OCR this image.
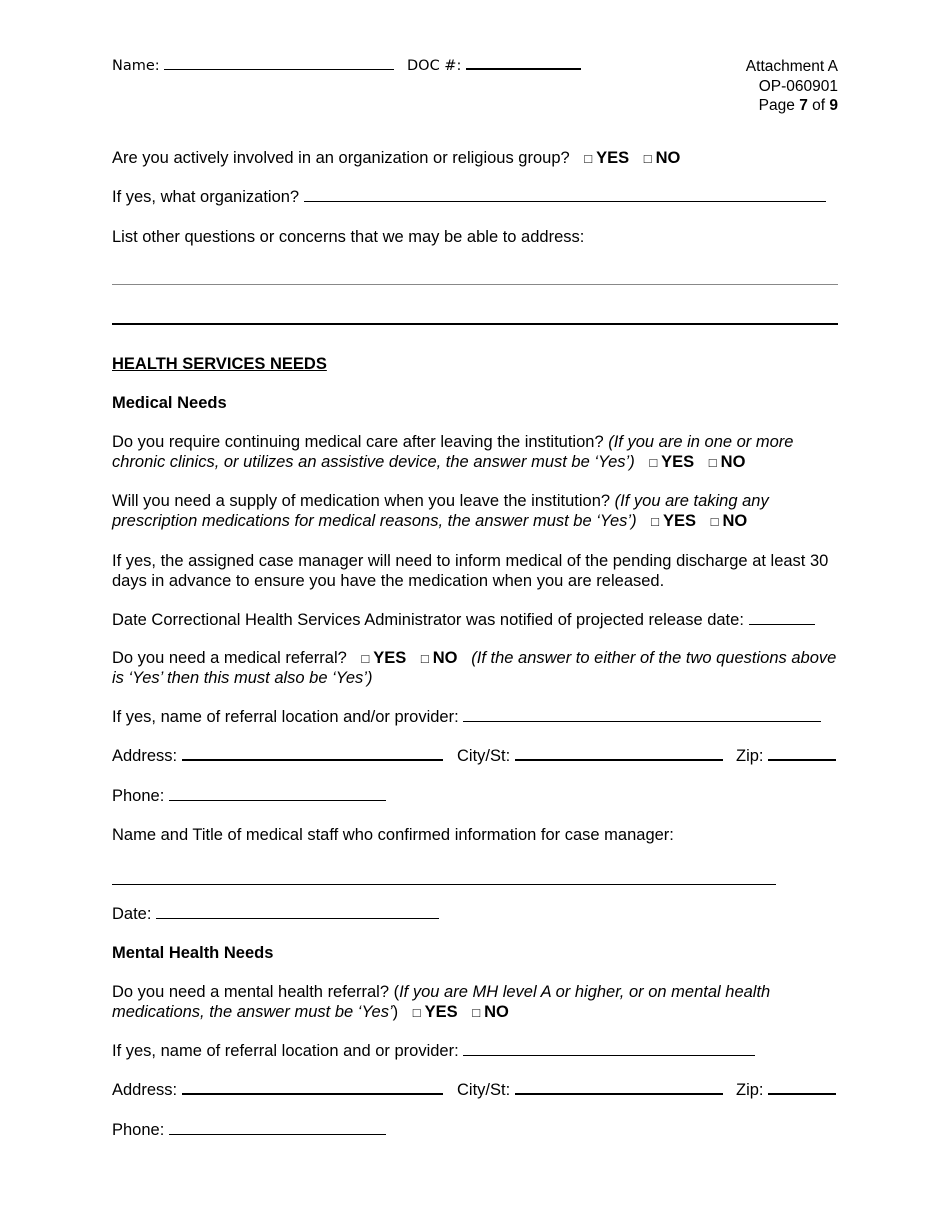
Name:	DOC #:	Attachment A
OP-060901
Page 7 of 9
Are you actively involved in an organization or religious group? □ YES □ NO
If yes, what organization?
List other questions or concerns that we may be able to address:
HEALTH SERVICES NEEDS
Medical Needs
Do you require continuing medical care after leaving the institution? (If you are in one or more chronic clinics, or utilizes an assistive device, the answer must be ‘Yes’) □ YES □ NO
Will you need a supply of medication when you leave the institution? (If you are taking any prescription medications for medical reasons, the answer must be ‘Yes’) □ YES □ NO
If yes, the assigned case manager will need to inform medical of the pending discharge at least 30 days in advance to ensure you have the medication when you are released.
Date Correctional Health Services Administrator was notified of projected release date:
Do you need a medical referral? □ YES □ NO (If the answer to either of the two questions above is ‘Yes’ then this must also be ‘Yes’)
If yes, name of referral location and/or provider:
Address:	City/St:	Zip:
Phone:
Name and Title of medical staff who confirmed information for case manager:
Date:
Mental Health Needs
Do you need a mental health referral? (If you are MH level A or higher, or on mental health medications, the answer must be ‘Yes’) □ YES □ NO
If yes, name of referral location and or provider:
Address:	City/St:	Zip:
Phone:
